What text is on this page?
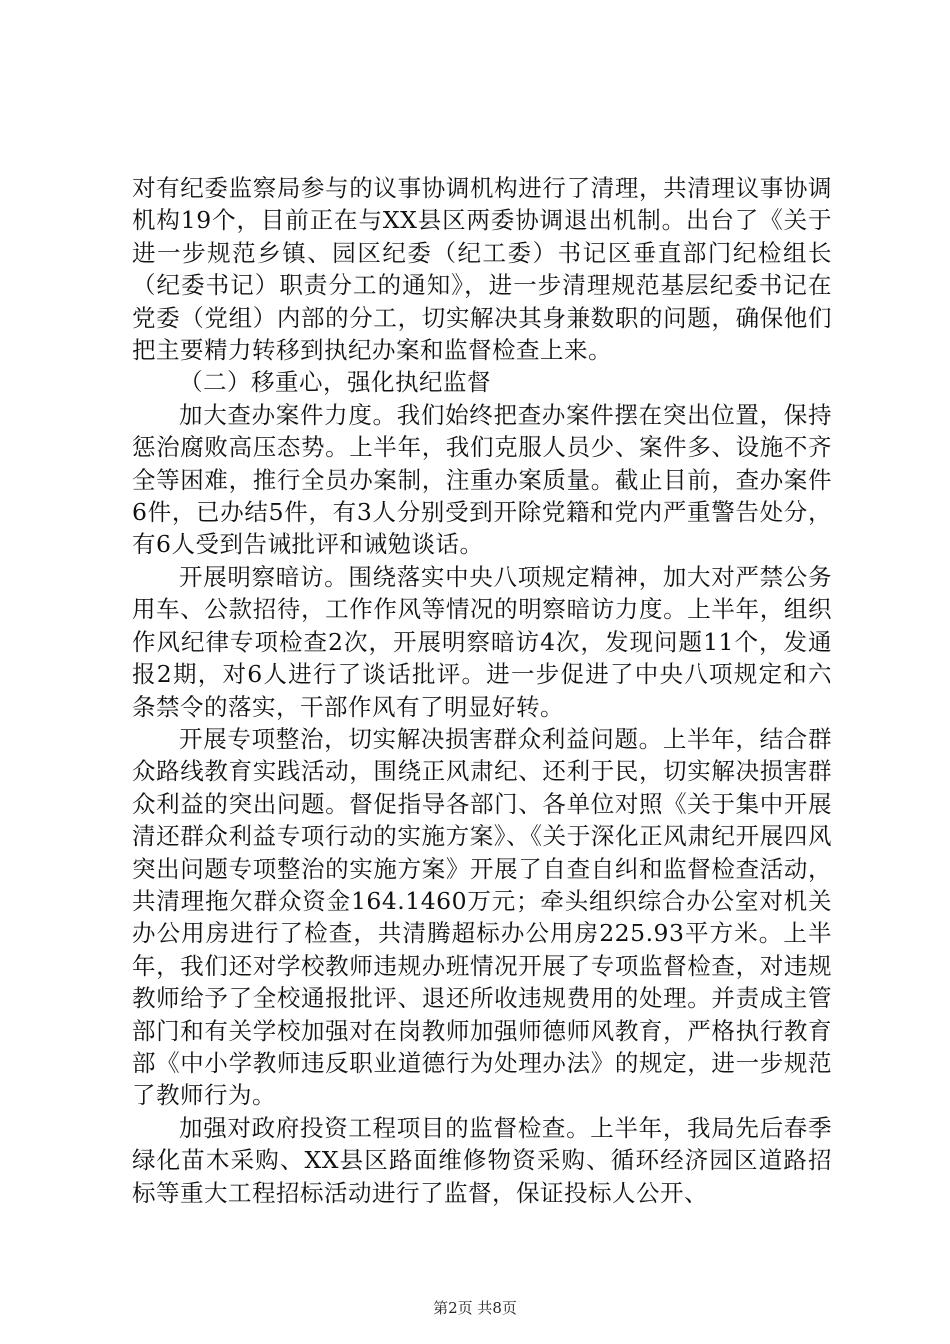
对有纪委监察局参与的议事协调机构进行了清理，共清理议事协调机构19个，目前正在与XX县区两委协调退出机制。出台了《关于进一步规范乡镇、园区纪委（纪工委）书记区垂直部门纪检组长（纪委书记）职责分工的通知》，进一步清理规范基层纪委书记在党委（党组）内部的分工，切实解决其身兼数职的问题，确保他们把主要精力转移到执纪办案和监督检查上来。

（二）移重心，强化执纪监督

加大查办案件力度。我们始终把查办案件摆在突出位置，保持惩治腐败高压态势。上半年，我们克服人员少、案件多、设施不齐全等困难，推行全员办案制，注重办案质量。截止目前，查办案件6件，已办结5件，有3人分别受到开除党籍和党内严重警告处分，有6人受到告诫批评和诫勉谈话。

开展明察暗访。围绕落实中央八项规定精神，加大对严禁公务用车、公款招待，工作作风等情况的明察暗访力度。上半年，组织作风纪律专项检查2次，开展明察暗访4次，发现问题11个，发通报2期，对6人进行了谈话批评。进一步促进了中央八项规定和六条禁令的落实，干部作风有了明显好转。

开展专项整治，切实解决损害群众利益问题。上半年，结合群众路线教育实践活动，围绕正风肃纪、还利于民，切实解决损害群众利益的突出问题。督促指导各部门、各单位对照《关于集中开展清还群众利益专项行动的实施方案》、《关于深化正风肃纪开展四风突出问题专项整治的实施方案》开展了自查自纠和监督检查活动，共清理拖欠群众资金164.1460万元；牵头组织综合办公室对机关办公用房进行了检查，共清腾超标办公用房225.93平方米。上半年，我们还对学校教师违规办班情况开展了专项监督检查，对违规教师给予了全校通报批评、退还所收违规费用的处理。并责成主管部门和有关学校加强对在岗教师加强师德师风教育，严格执行教育部《中小学教师违反职业道德行为处理办法》的规定，进一步规范了教师行为。

加强对政府投资工程项目的监督检查。上半年，我局先后春季绿化苗木采购、XX县区路面维修物资采购、循环经济园区道路招标等重大工程招标活动进行了监督，保证投标人公开、

第2页 共8页
